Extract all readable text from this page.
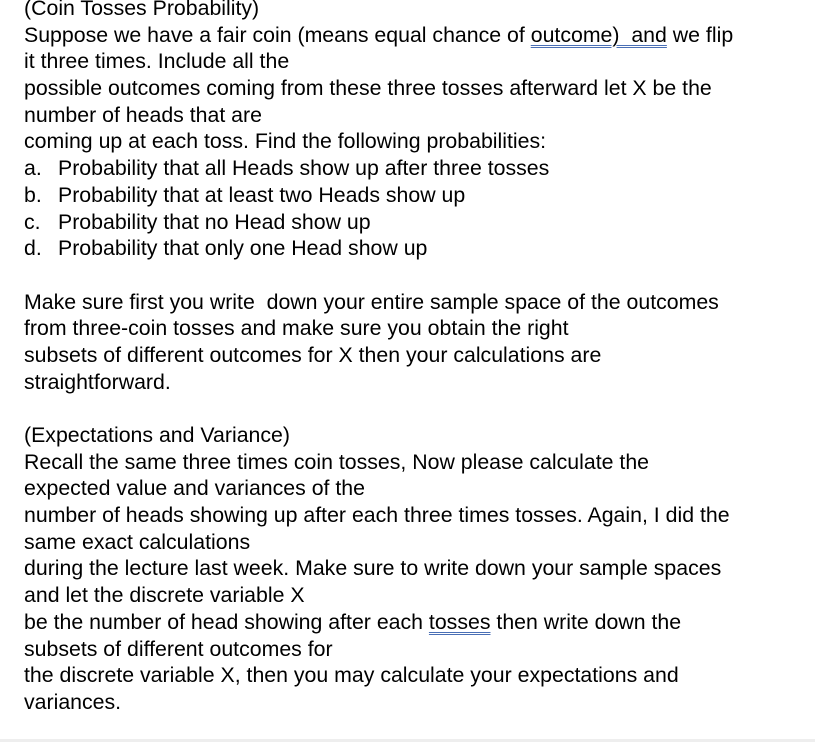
(Coin Tosses Probability)
Suppose we have a fair coin (means equal chance of outcome)  and we flip
it three times. Include all the
possible outcomes coming from these three tosses afterward let X be the
number of heads that are
coming up at each toss. Find the following probabilities:
a. Probability that all Heads show up after three tosses
b. Probability that at least two Heads show up
c. Probability that no Head show up
d. Probability that only one Head show up
Make sure first you write  down your entire sample space of the outcomes
from three-coin tosses and make sure you obtain the right
subsets of different outcomes for X then your calculations are
straightforward.
(Expectations and Variance)
Recall the same three times coin tosses, Now please calculate the
expected value and variances of the
number of heads showing up after each three times tosses. Again, I did the
same exact calculations
during the lecture last week. Make sure to write down your sample spaces
and let the discrete variable X
be the number of head showing after each tosses then write down the
subsets of different outcomes for
the discrete variable X, then you may calculate your expectations and
variances.
